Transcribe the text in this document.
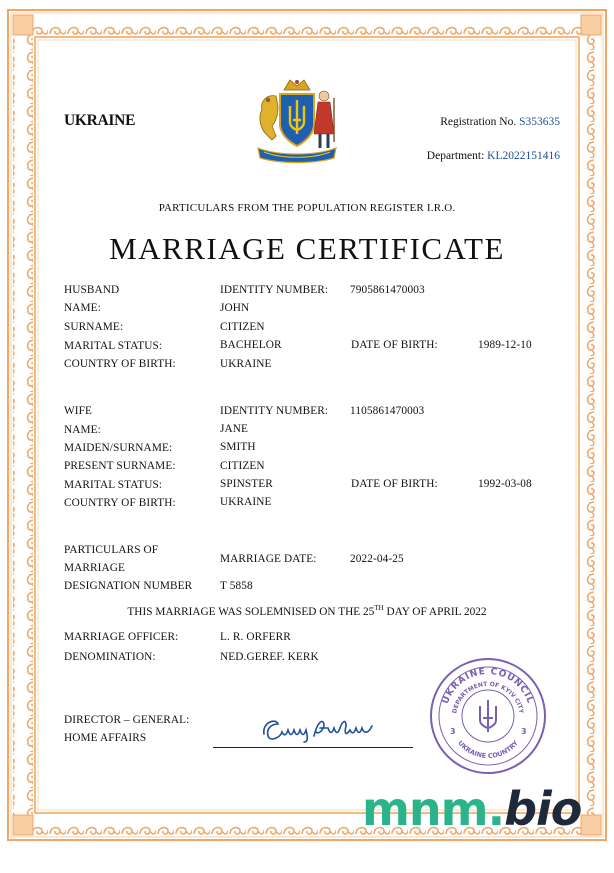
UKRAINE	Registration No. S353635
Department: KL2022151416
PARTICULARS FROM THE POPULATION REGISTER I.R.O.
MARRIAGE CERTIFICATE
HUSBAND	IDENTITY NUMBER: 7905861470003
NAME:	JOHN
SURNAME:	CITIZEN
MARITAL STATUS:	BACHELOR	DATE OF BIRTH:	1989-12-10
COUNTRY OF BIRTH:	UKRAINE
WIFE	IDENTITY NUMBER: 1105861470003
NAME:	JANE
MAIDEN/SURNAME:	SMITH
PRESENT SURNAME:	CITIZEN
MARITAL STATUS:	SPINSTER	DATE OF BIRTH:	1992-03-08
COUNTRY OF BIRTH:	UKRAINE
PARTICULARS OF
MARRIAGE
MARRIAGE DATE:	2022-04-25
DESIGNATION NUMBER T 5858
THIS MARRIAGE WAS SOLEMNISED ON THE 25TH DAY OF APRIL 2022
MARRIAGE OFFICER:	L. R. ORFERR
DENOMINATION:	NED.GEREF. KERK
DIRECTOR – GENERAL:
HOME AFFAIRS
UKRAINE COUNCIL
DEPARTMENT OF KYIV CITY
UKRAINE COUNTRY
3	3
mnm.bio
